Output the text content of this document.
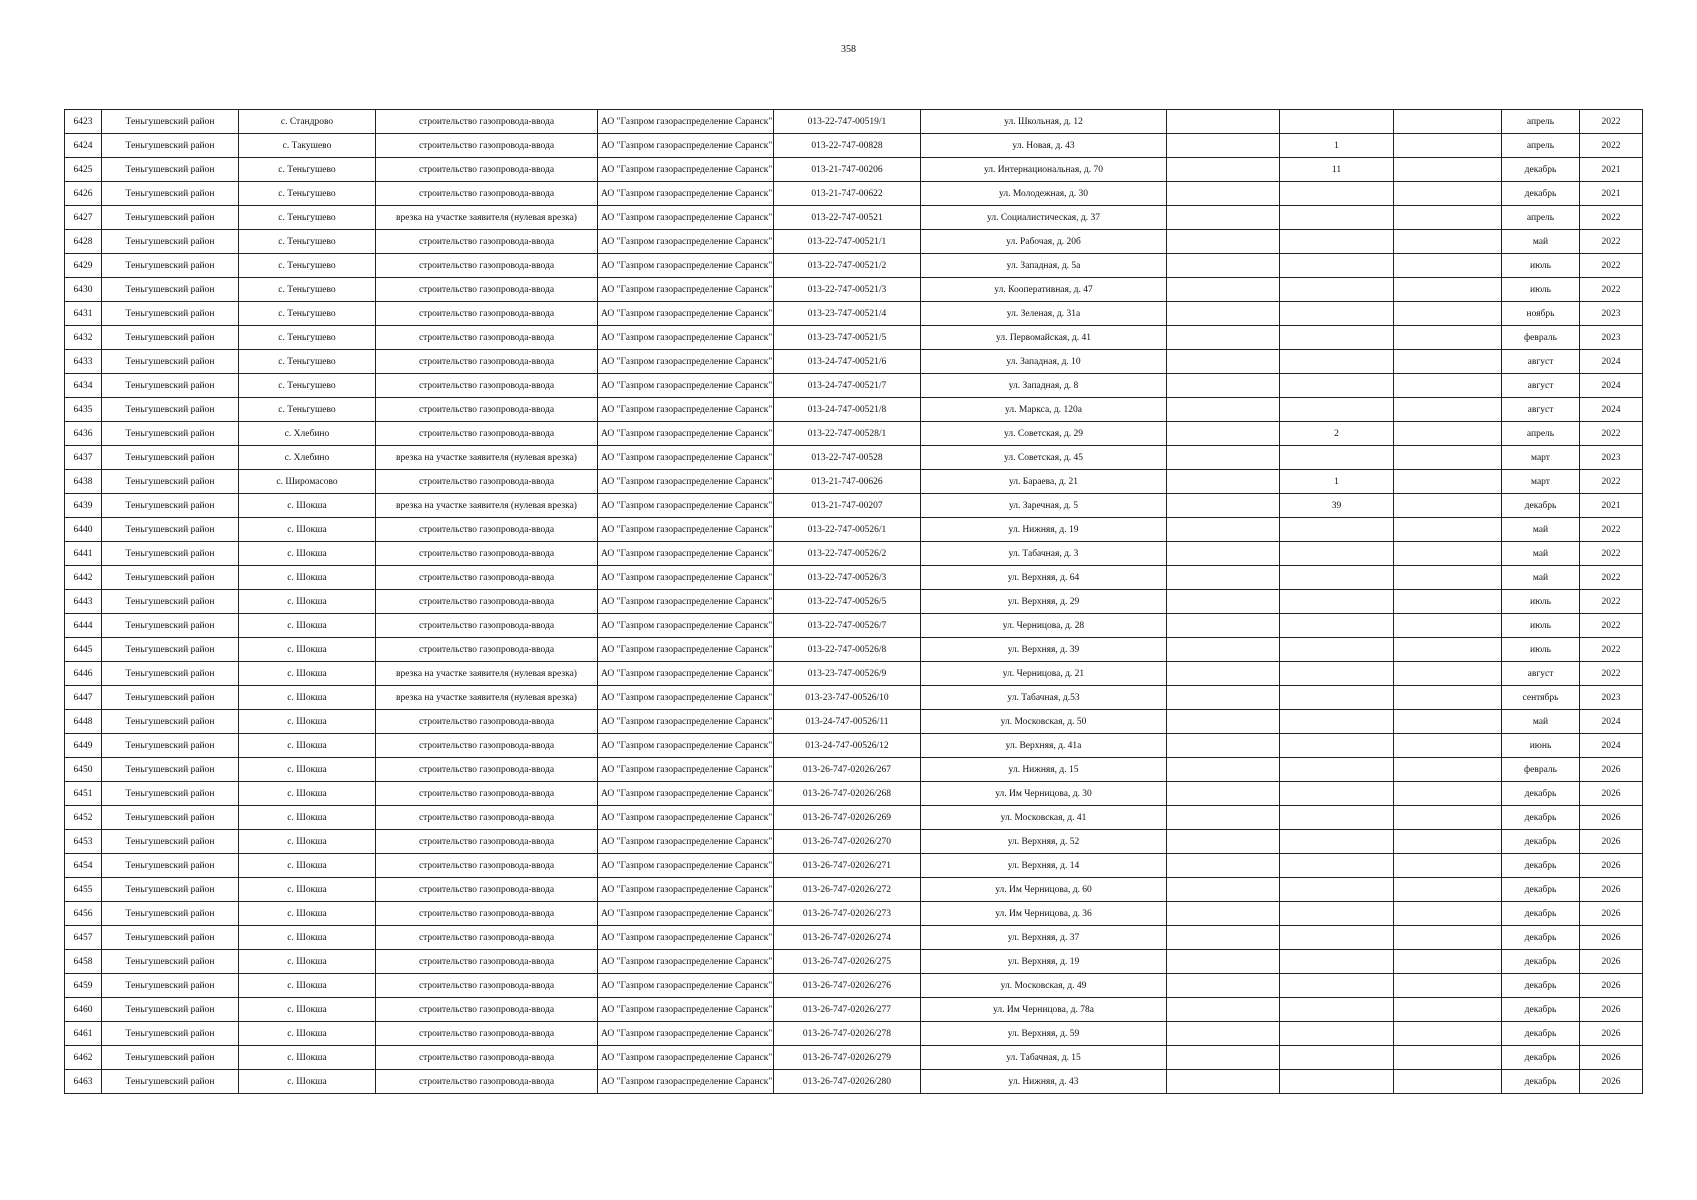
358
6423	Теньгушевский район	с. Стандрово	строительство газопровода-ввода	АО "Газпром газораспределение Саранск"	013-22-747-00519/1	ул. Школьная, д. 12				апрель	2022
6424	Теньгушевский район	с. Такушево	строительство газопровода-ввода	АО "Газпром газораспределение Саранск"	013-22-747-00828	ул. Новая, д. 43		1		апрель	2022
6425	Теньгушевский район	с. Теньгушево	строительство газопровода-ввода	АО "Газпром газораспределение Саранск"	013-21-747-00206	ул. Интернациональная, д. 70		11		декабрь	2021
6426	Теньгушевский район	с. Теньгушево	строительство газопровода-ввода	АО "Газпром газораспределение Саранск"	013-21-747-00622	ул. Молодежная, д. 30				декабрь	2021
6427	Теньгушевский район	с. Теньгушево	врезка на участке заявителя (нулевая врезка)	АО "Газпром газораспределение Саранск"	013-22-747-00521	ул. Социалистическая, д. 37				апрель	2022
6428	Теньгушевский район	с. Теньгушево	строительство газопровода-ввода	АО "Газпром газораспределение Саранск"	013-22-747-00521/1	ул. Рабочая, д. 20б				май	2022
6429	Теньгушевский район	с. Теньгушево	строительство газопровода-ввода	АО "Газпром газораспределение Саранск"	013-22-747-00521/2	ул. Западная, д. 5а				июль	2022
6430	Теньгушевский район	с. Теньгушево	строительство газопровода-ввода	АО "Газпром газораспределение Саранск"	013-22-747-00521/3	ул. Кооперативная, д. 47				июль	2022
6431	Теньгушевский район	с. Теньгушево	строительство газопровода-ввода	АО "Газпром газораспределение Саранск"	013-23-747-00521/4	ул. Зеленая, д. 31а				ноябрь	2023
6432	Теньгушевский район	с. Теньгушево	строительство газопровода-ввода	АО "Газпром газораспределение Саранск"	013-23-747-00521/5	ул. Первомайская, д. 41				февраль	2023
6433	Теньгушевский район	с. Теньгушево	строительство газопровода-ввода	АО "Газпром газораспределение Саранск"	013-24-747-00521/6	ул. Западная, д. 10				август	2024
6434	Теньгушевский район	с. Теньгушево	строительство газопровода-ввода	АО "Газпром газораспределение Саранск"	013-24-747-00521/7	ул. Западная, д. 8				август	2024
6435	Теньгушевский район	с. Теньгушево	строительство газопровода-ввода	АО "Газпром газораспределение Саранск"	013-24-747-00521/8	ул. Маркса, д. 120а				август	2024
6436	Теньгушевский район	с. Хлебино	строительство газопровода-ввода	АО "Газпром газораспределение Саранск"	013-22-747-00528/1	ул. Советская, д. 29		2		апрель	2022
6437	Теньгушевский район	с. Хлебино	врезка на участке заявителя (нулевая врезка)	АО "Газпром газораспределение Саранск"	013-22-747-00528	ул. Советская, д. 45				март	2023
6438	Теньгушевский район	с. Широмасово	строительство газопровода-ввода	АО "Газпром газораспределение Саранск"	013-21-747-00626	ул. Бараева, д. 21		1		март	2022
6439	Теньгушевский район	с. Шокша	врезка на участке заявителя (нулевая врезка)	АО "Газпром газораспределение Саранск"	013-21-747-00207	ул. Заречная, д. 5		39		декабрь	2021
6440	Теньгушевский район	с. Шокша	строительство газопровода-ввода	АО "Газпром газораспределение Саранск"	013-22-747-00526/1	ул. Нижняя, д. 19				май	2022
6441	Теньгушевский район	с. Шокша	строительство газопровода-ввода	АО "Газпром газораспределение Саранск"	013-22-747-00526/2	ул. Табачная, д. 3				май	2022
6442	Теньгушевский район	с. Шокша	строительство газопровода-ввода	АО "Газпром газораспределение Саранск"	013-22-747-00526/3	ул. Верхняя, д. 64				май	2022
6443	Теньгушевский район	с. Шокша	строительство газопровода-ввода	АО "Газпром газораспределение Саранск"	013-22-747-00526/5	ул. Верхняя, д. 29				июль	2022
6444	Теньгушевский район	с. Шокша	строительство газопровода-ввода	АО "Газпром газораспределение Саранск"	013-22-747-00526/7	ул. Черницова, д. 28				июль	2022
6445	Теньгушевский район	с. Шокша	строительство газопровода-ввода	АО "Газпром газораспределение Саранск"	013-22-747-00526/8	ул. Верхняя, д. 39				июль	2022
6446	Теньгушевский район	с. Шокша	врезка на участке заявителя (нулевая врезка)	АО "Газпром газораспределение Саранск"	013-23-747-00526/9	ул. Черницова, д. 21				август	2022
6447	Теньгушевский район	с. Шокша	врезка на участке заявителя (нулевая врезка)	АО "Газпром газораспределение Саранск"	013-23-747-00526/10	ул. Табачная, д.53				сентябрь	2023
6448	Теньгушевский район	с. Шокша	строительство газопровода-ввода	АО "Газпром газораспределение Саранск"	013-24-747-00526/11	ул. Московская, д. 50				май	2024
6449	Теньгушевский район	с. Шокша	строительство газопровода-ввода	АО "Газпром газораспределение Саранск"	013-24-747-00526/12	ул. Верхняя, д. 41а				июнь	2024
6450	Теньгушевский район	с. Шокша	строительство газопровода-ввода	АО "Газпром газораспределение Саранск"	013-26-747-02026/267	ул. Нижняя, д. 15				февраль	2026
6451	Теньгушевский район	с. Шокша	строительство газопровода-ввода	АО "Газпром газораспределение Саранск"	013-26-747-02026/268	ул. Им Черницова, д. 30				декабрь	2026
6452	Теньгушевский район	с. Шокша	строительство газопровода-ввода	АО "Газпром газораспределение Саранск"	013-26-747-02026/269	ул. Московская, д. 41				декабрь	2026
6453	Теньгушевский район	с. Шокша	строительство газопровода-ввода	АО "Газпром газораспределение Саранск"	013-26-747-02026/270	ул. Верхняя, д. 52				декабрь	2026
6454	Теньгушевский район	с. Шокша	строительство газопровода-ввода	АО "Газпром газораспределение Саранск"	013-26-747-02026/271	ул. Верхняя, д. 14				декабрь	2026
6455	Теньгушевский район	с. Шокша	строительство газопровода-ввода	АО "Газпром газораспределение Саранск"	013-26-747-02026/272	ул. Им Черницова, д. 60				декабрь	2026
6456	Теньгушевский район	с. Шокша	строительство газопровода-ввода	АО "Газпром газораспределение Саранск"	013-26-747-02026/273	ул. Им Черницова, д. 36				декабрь	2026
6457	Теньгушевский район	с. Шокша	строительство газопровода-ввода	АО "Газпром газораспределение Саранск"	013-26-747-02026/274	ул. Верхняя, д. 37				декабрь	2026
6458	Теньгушевский район	с. Шокша	строительство газопровода-ввода	АО "Газпром газораспределение Саранск"	013-26-747-02026/275	ул. Верхняя, д. 19				декабрь	2026
6459	Теньгушевский район	с. Шокша	строительство газопровода-ввода	АО "Газпром газораспределение Саранск"	013-26-747-02026/276	ул. Московская, д. 49				декабрь	2026
6460	Теньгушевский район	с. Шокша	строительство газопровода-ввода	АО "Газпром газораспределение Саранск"	013-26-747-02026/277	ул. Им Черницова, д. 78а				декабрь	2026
6461	Теньгушевский район	с. Шокша	строительство газопровода-ввода	АО "Газпром газораспределение Саранск"	013-26-747-02026/278	ул. Верхняя, д. 59				декабрь	2026
6462	Теньгушевский район	с. Шокша	строительство газопровода-ввода	АО "Газпром газораспределение Саранск"	013-26-747-02026/279	ул. Табачная, д. 15				декабрь	2026
6463	Теньгушевский район	с. Шокша	строительство газопровода-ввода	АО "Газпром газораспределение Саранск"	013-26-747-02026/280	ул. Нижняя, д. 43				декабрь	2026
